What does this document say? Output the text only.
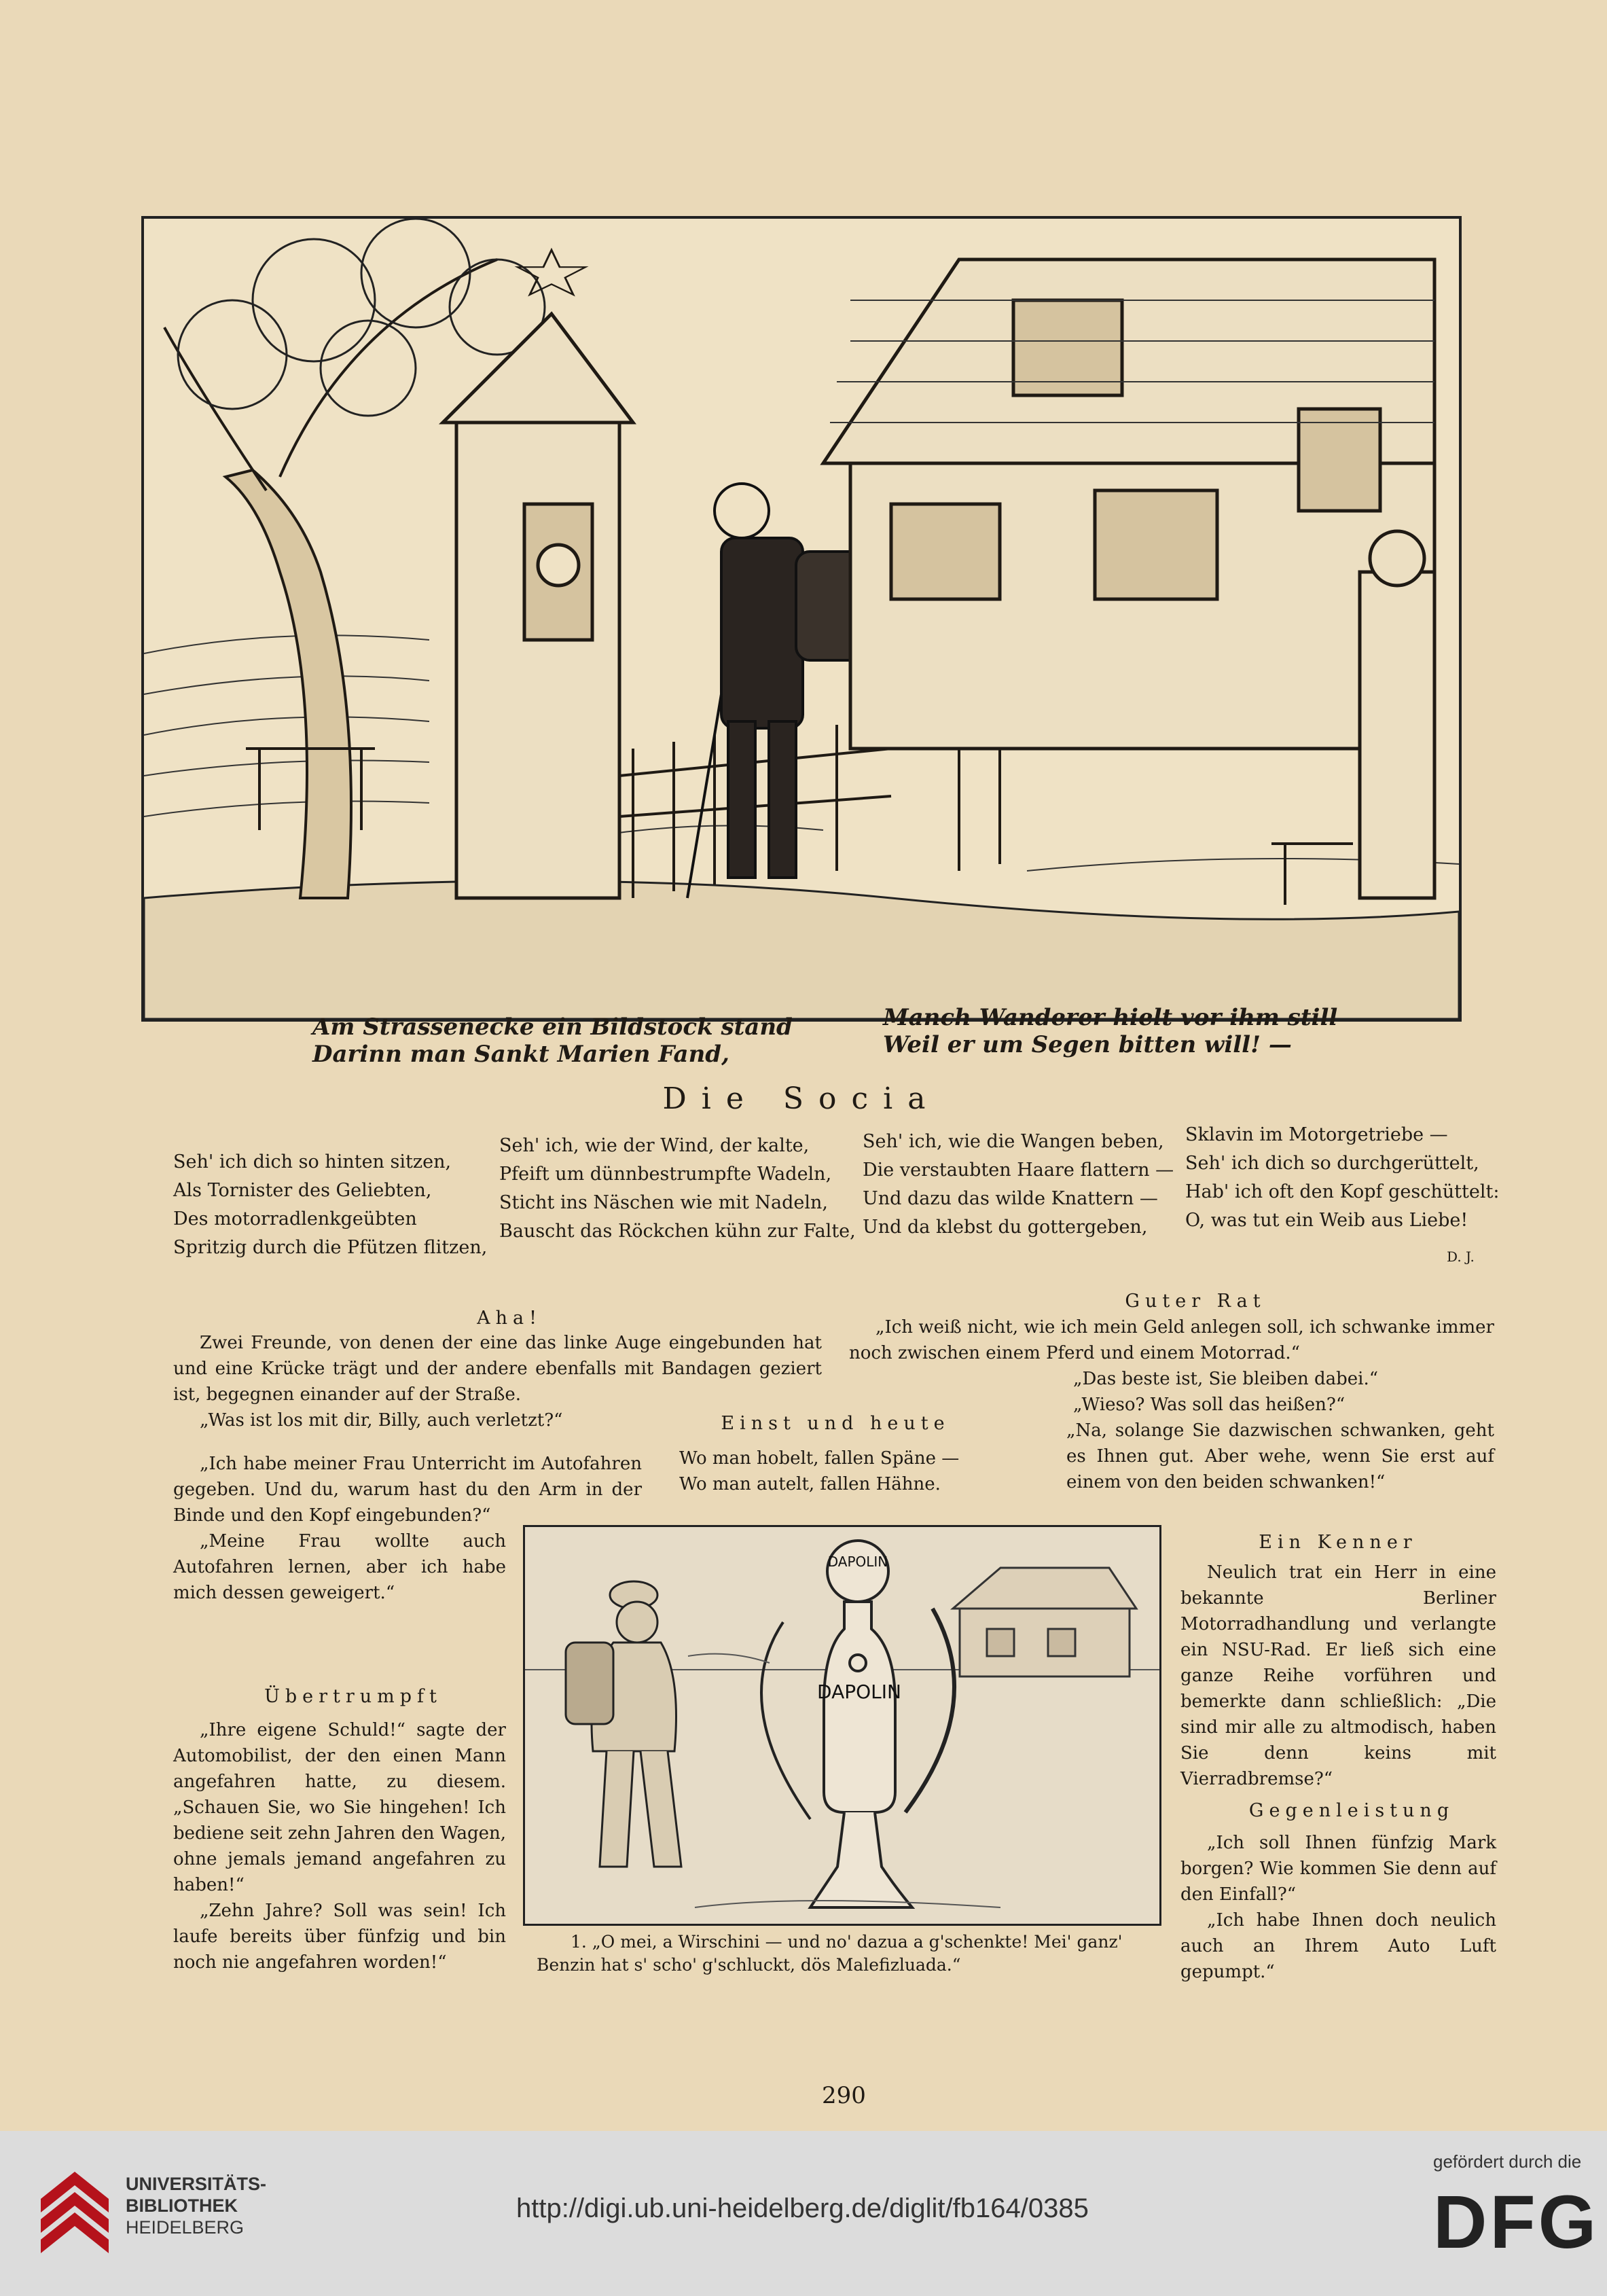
Am Strassenecke ein Bildstock stand
Darinn man Sankt Marien Fand,
Manch Wanderer hielt vor ihm still
Weil er um Segen bitten will! —
Die Socia
Seh' ich dich so hinten sitzen,
Als Tornister des Geliebten,
Des motorradlenkgeübten
Spritzig durch die Pfützen flitzen,
Seh' ich, wie der Wind, der kalte,
Pfeift um dünnbestrumpfte Wadeln,
Sticht ins Näschen wie mit Nadeln,
Bauscht das Röckchen kühn zur Falte,
Seh' ich, wie die Wangen beben,
Die verstaubten Haare flattern —
Und dazu das wilde Knattern —
Und da klebst du gottergeben,
Sklavin im Motorgetriebe —
Seh' ich dich so durchgerüttelt,
Hab' ich oft den Kopf geschüttelt:
O, was tut ein Weib aus Liebe!
D. J.
Aha!

Zwei Freunde, von denen der eine das linke Auge eingebunden hat und eine Krücke trägt und der andere ebenfalls mit Bandagen geziert ist, begegnen einander auf der Straße.

„Was ist los mit dir, Billy, auch verletzt?“

„Ich habe meiner Frau Unterricht im Autofahren gegeben. Und du, warum hast du den Arm in der Binde und den Kopf eingebunden?“

„Meine Frau wollte auch Autofahren lernen, aber ich habe mich dessen geweigert.“

Guter Rat

„Ich weiß nicht, wie ich mein Geld anlegen soll, ich schwanke immer noch zwischen einem Pferd und einem Motorrad.“

„Das beste ist, Sie bleiben dabei.“

„Wieso? Was soll das heißen?“

„Na, solange Sie dazwischen schwanken, geht es Ihnen gut. Aber wehe, wenn Sie erst auf einem von den beiden schwanken!“

Einst und heute
Wo man hobelt, fallen Späne —
Wo man autelt, fallen Hähne.
DAPOLIN
DAPOLIN
1. „O mei, a Wirschini — und no' dazua a g'schenkte! Mei' ganz' Benzin hat s' scho' g'schluckt, dös Malefizluada.“
Übertrumpft

„Ihre eigene Schuld!“ sagte der Automobilist, der den einen Mann angefahren hatte, zu diesem. „Schauen Sie, wo Sie hingehen! Ich bediene seit zehn Jahren den Wagen, ohne jemals jemand angefahren zu haben!“

„Zehn Jahre? Soll was sein! Ich laufe bereits über fünfzig und bin noch nie angefahren worden!“

Ein Kenner

Neulich trat ein Herr in eine bekannte Berliner Motorradhandlung und verlangte ein NSU-Rad. Er ließ sich eine ganze Reihe vorführen und bemerkte dann schließlich: „Die sind mir alle zu altmodisch, haben Sie denn keins mit Vierradbremse?“

Gegenleistung

„Ich soll Ihnen fünfzig Mark borgen? Wie kommen Sie denn auf den Einfall?“

„Ich habe Ihnen doch neulich auch an Ihrem Auto Luft gepumpt.“

290
UNIVERSITÄTS-
BIBLIOTHEK
HEIDELBERG
http://digi.ub.uni-heidelberg.de/diglit/fb164/0385
gefördert durch die
DFG
